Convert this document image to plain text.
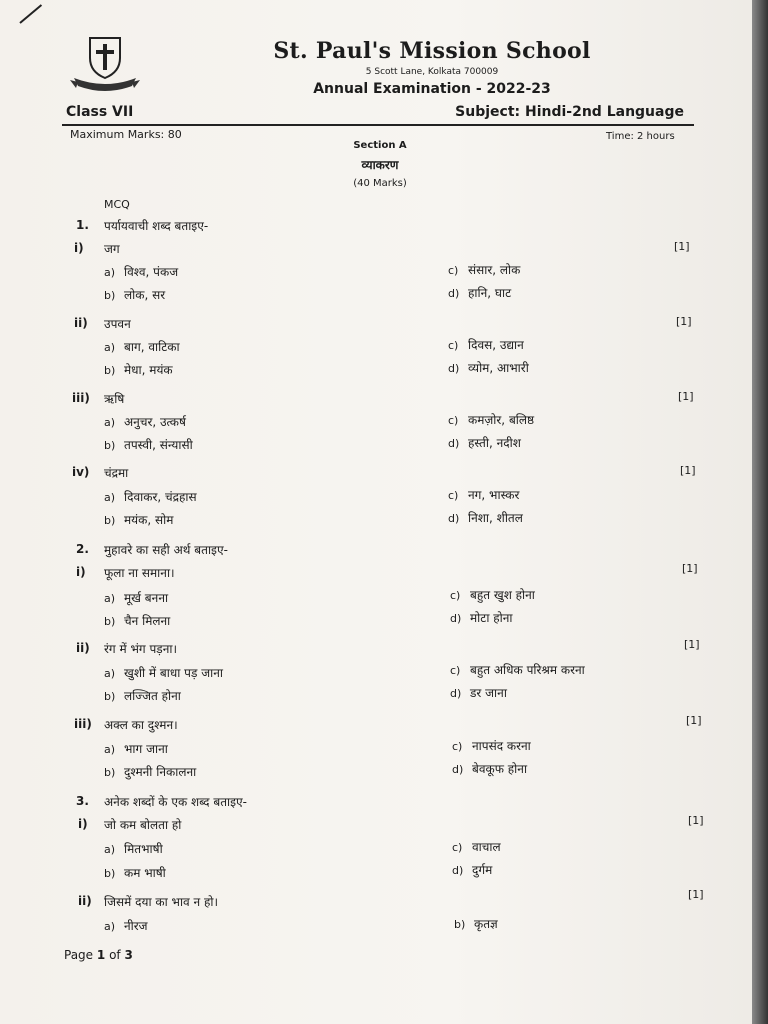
St. Paul's Mission School
5 Scott Lane, Kolkata 700009
Annual Examination - 2022-23
Class VII	Subject: Hindi-2nd Language
Maximum Marks: 80	Time: 2 hours
Section A
व्याकरण
(40 Marks)
MCQ
1. पर्यायवाची शब्द बताइए-
i) जग	[1]
a) विश्व, पंकज
b) लोक, सर
c) संसार, लोक
d) हानि, घाट
ii) उपवन	[1]
a) बाग, वाटिका
b) मेधा, मयंक
c) दिवस, उद्यान
d) व्योम, आभारी
iii) ऋषि	[1]
a) अनुचर, उत्कर्ष
b) तपस्वी, संन्यासी
c) कमज़ोर, बलिष्ठ
d) हस्ती, नदीश
iv) चंद्रमा	[1]
a) दिवाकर, चंद्रहास
b) मयंक, सोम
c) नग, भास्कर
d) निशा, शीतल
2. मुहावरे का सही अर्थ बताइए-
i) फूला ना समाना।	[1]
a) मूर्ख बनना
b) चैन मिलना
c) बहुत खुश होना
d) मोटा होना
ii) रंग में भंग पड़ना।	[1]
a) खुशी में बाधा पड़ जाना
b) लज्जित होना
c) बहुत अधिक परिश्रम करना
d) डर जाना
iii) अक्ल का दुश्मन।	[1]
a) भाग जाना
b) दुश्मनी निकालना
c) नापसंद करना
d) बेवकूफ होना
3. अनेक शब्दों के एक शब्द बताइए-
i) जो कम बोलता हो	[1]
a) मितभाषी
b) कम भाषी
c) वाचाल
d) दुर्गम
ii) जिसमें दया का भाव न हो।
[1]
a) नीरज	b) कृतज्ञ
Page 1 of 3
